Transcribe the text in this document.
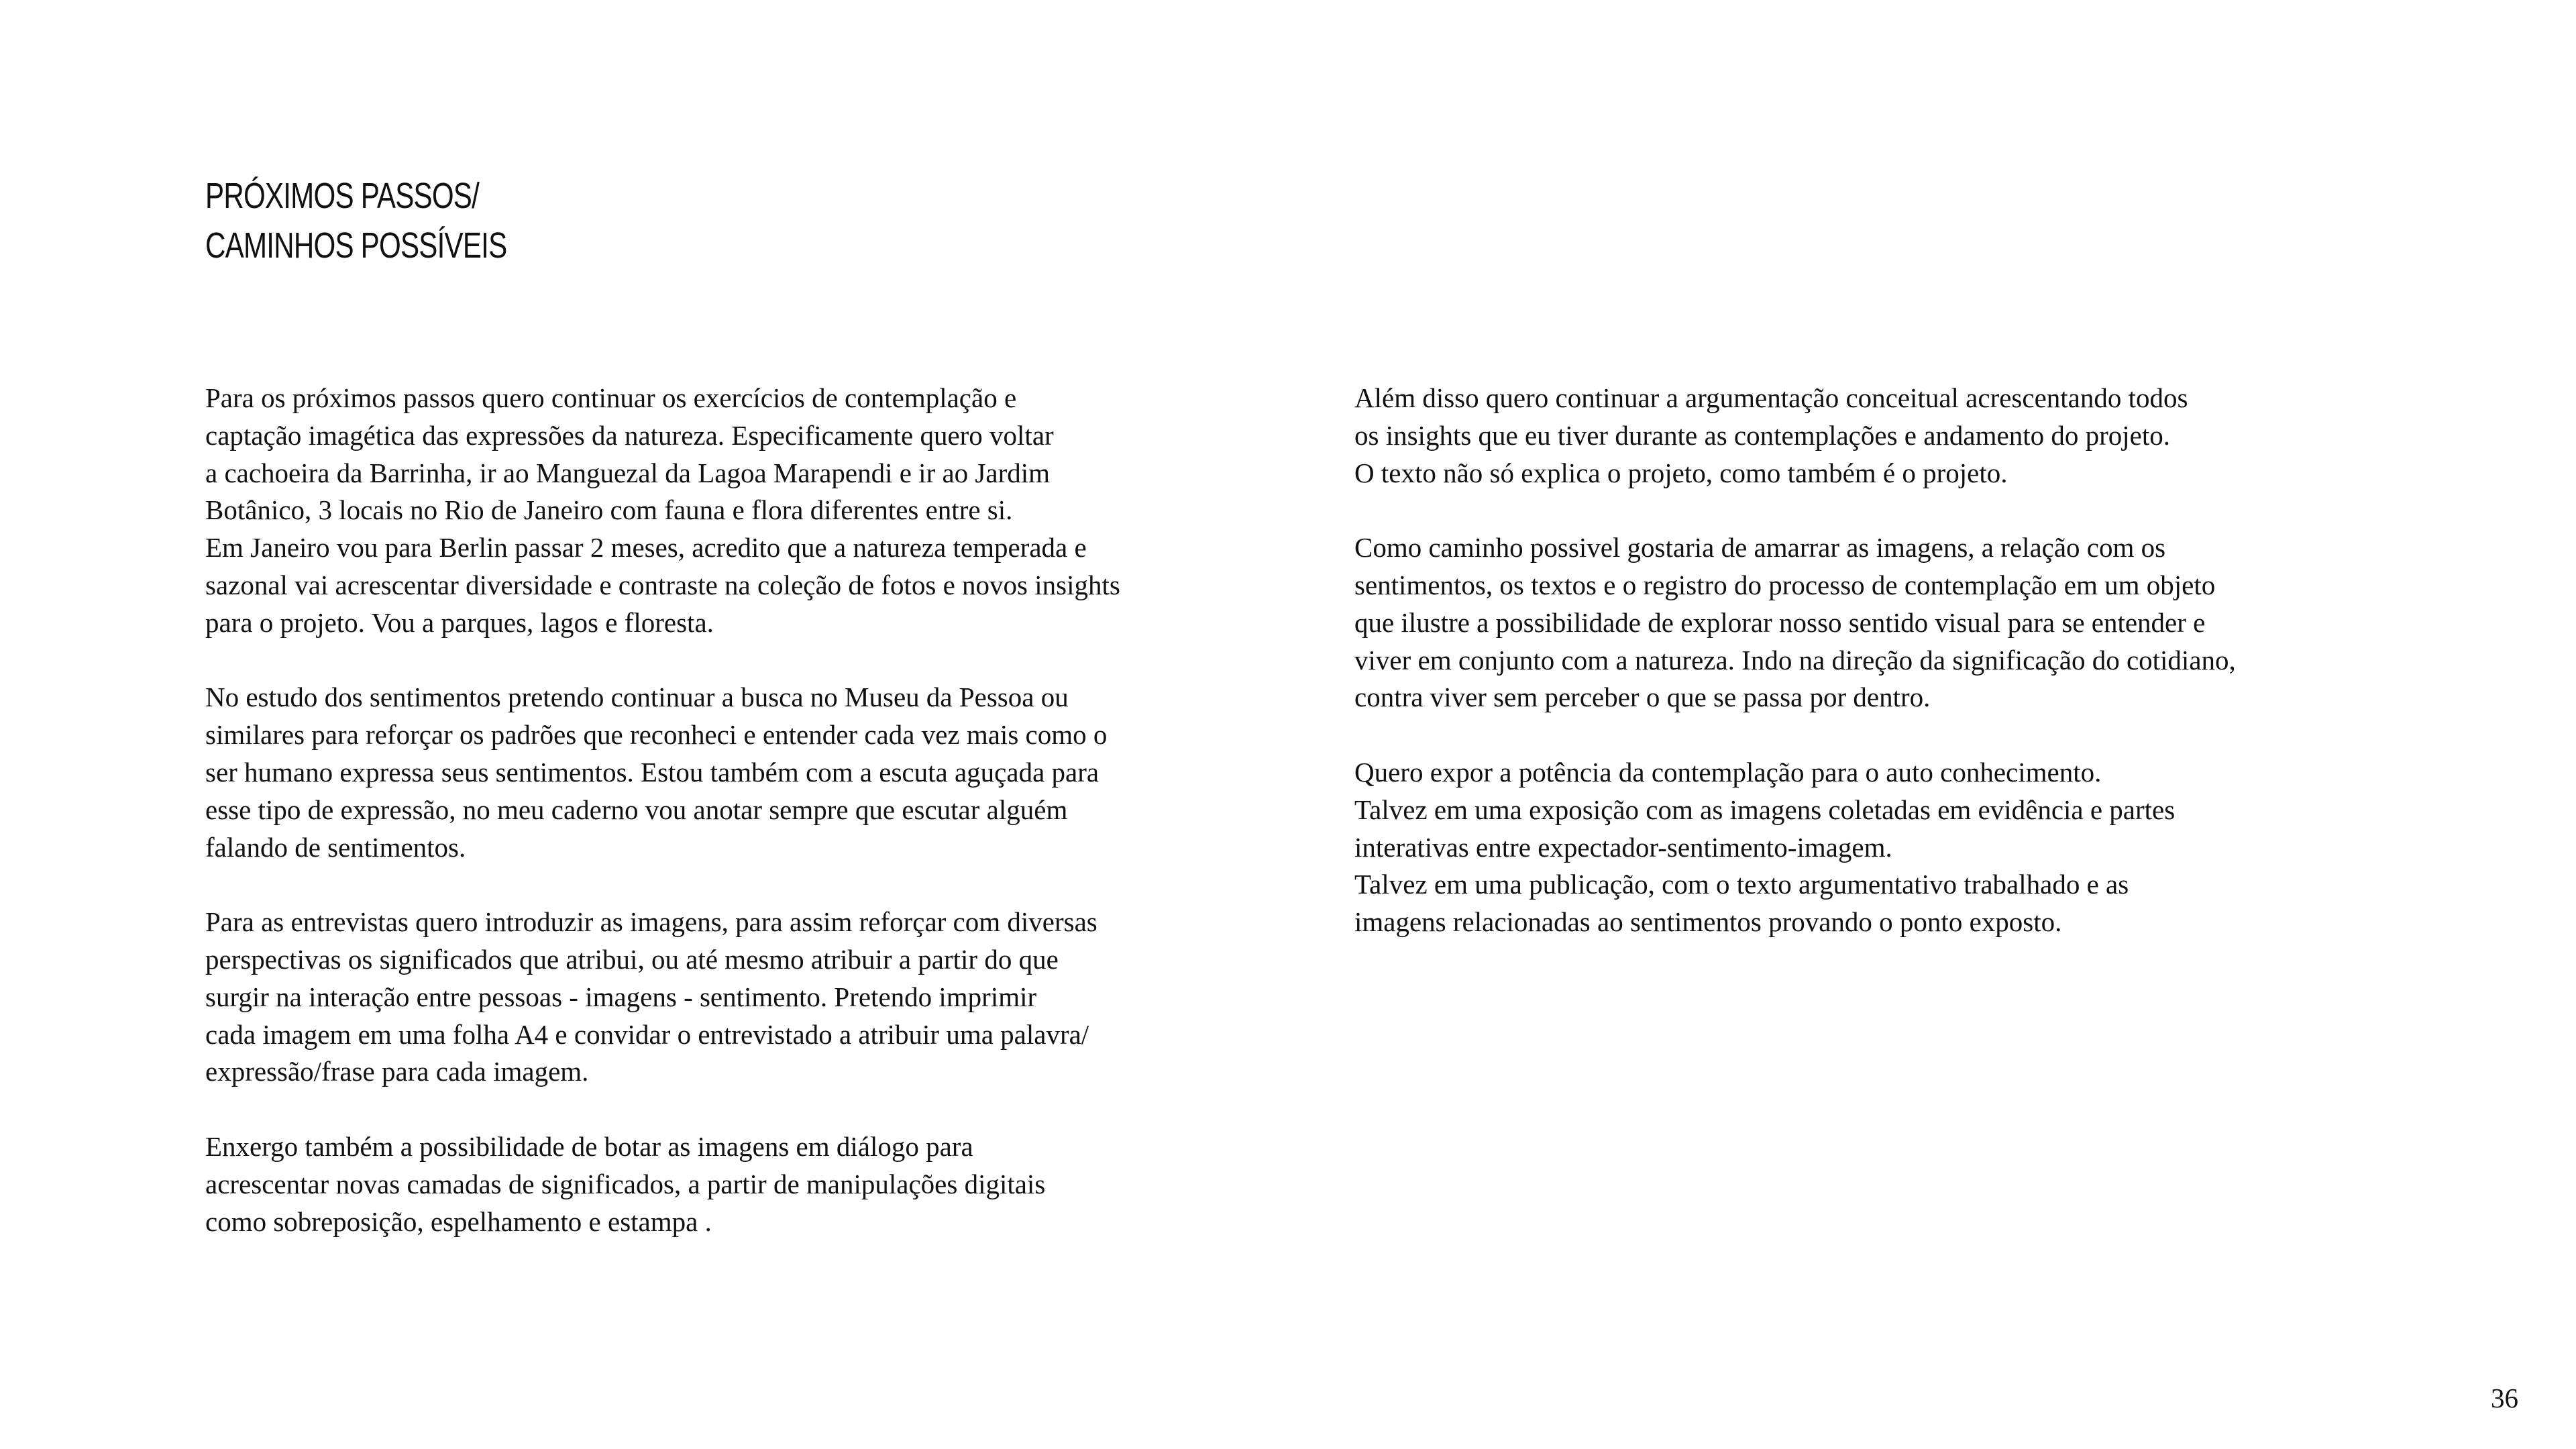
PRÓXIMOS PASSOS/
CAMINHOS POSSÍVEIS

Para os próximos passos quero continuar os exercícios de contemplação e
captação imagética das expressões da natureza. Especificamente quero voltar
a cachoeira da Barrinha, ir ao Manguezal da Lagoa Marapendi e ir ao Jardim
Botânico, 3 locais no Rio de Janeiro com fauna e flora diferentes entre si.
Em Janeiro vou para Berlin passar 2 meses, acredito que a natureza temperada e
sazonal vai acrescentar diversidade e contraste na coleção de fotos e novos insights
para o projeto. Vou a parques, lagos e floresta.

No estudo dos sentimentos pretendo continuar a busca no Museu da Pessoa ou
similares para reforçar os padrões que reconheci e entender cada vez mais como o
ser humano expressa seus sentimentos. Estou também com a escuta aguçada para
esse tipo de expressão, no meu caderno vou anotar sempre que escutar alguém
falando de sentimentos.

Para as entrevistas quero introduzir as imagens, para assim reforçar com diversas
perspectivas os significados que atribui, ou até mesmo atribuir a partir do que
surgir na interação entre pessoas - imagens - sentimento. Pretendo imprimir
cada imagem em uma folha A4 e convidar o entrevistado a atribuir uma palavra/
expressão/frase para cada imagem.

Enxergo também a possibilidade de botar as imagens em diálogo para
acrescentar novas camadas de significados, a partir de manipulações digitais
como sobreposição, espelhamento e estampa .

Além disso quero continuar a argumentação conceitual acrescentando todos
os insights que eu tiver durante as contemplações e andamento do projeto.
O texto não só explica o projeto, como também é o projeto.

Como caminho possivel gostaria de amarrar as imagens, a relação com os
sentimentos, os textos e o registro do processo de contemplação em um objeto
que ilustre a possibilidade de explorar nosso sentido visual para se entender e
viver em conjunto com a natureza. Indo na direção da significação do cotidiano,
contra viver sem perceber o que se passa por dentro.

Quero expor a potência da contemplação para o auto conhecimento.
Talvez em uma exposição com as imagens coletadas em evidência e partes
interativas entre expectador-sentimento-imagem.
Talvez em uma publicação, com o texto argumentativo trabalhado e as
imagens relacionadas ao sentimentos provando o ponto exposto.

36
